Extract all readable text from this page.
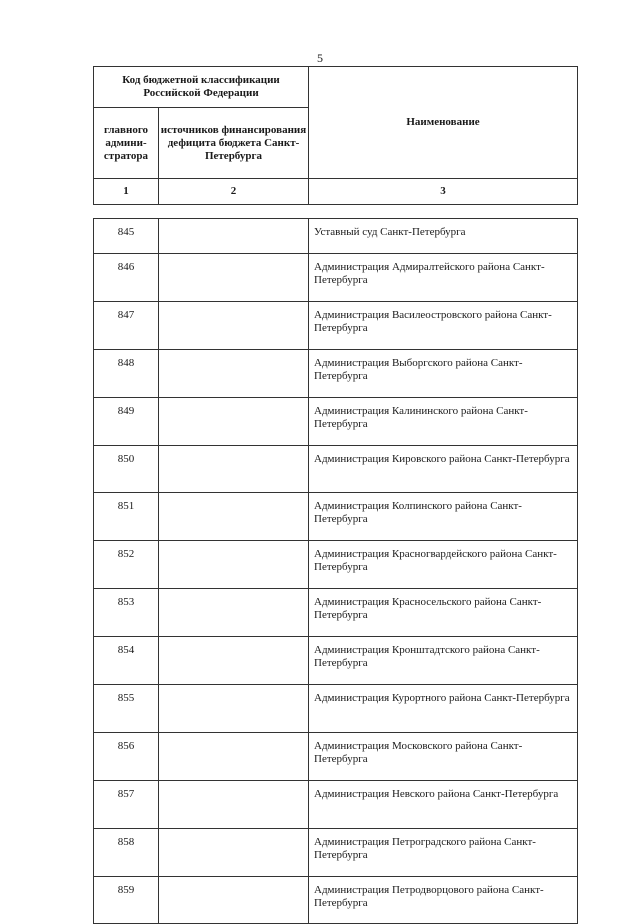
5
Код бюджетной классификации Российской Федерации		Наименование
главного админи-стратора	источников финансирования дефицита бюджета Санкт-Петербурга	
1	2	3
845		Уставный суд Санкт-Петербурга
846		Администрация Адмиралтейского района Санкт-Петербурга
847		Администрация Василеостровского района Санкт-Петербурга
848		Администрация Выборгского района Санкт-Петербурга
849		Администрация Калининского района Санкт-Петербурга
850		Администрация Кировского района Санкт-Петербурга
851		Администрация Колпинского района Санкт-Петербурга
852		Администрация Красногвардейского района Санкт-Петербурга
853		Администрация Красносельского района Санкт-Петербурга
854		Администрация Кронштадтского района Санкт-Петербурга
855		Администрация Курортного района Санкт-Петербурга
856		Администрация Московского района Санкт-Петербурга
857		Администрация Невского района Санкт-Петербурга
858		Администрация Петроградского района Санкт-Петербурга
859		Администрация Петродворцового района Санкт-Петербурга
